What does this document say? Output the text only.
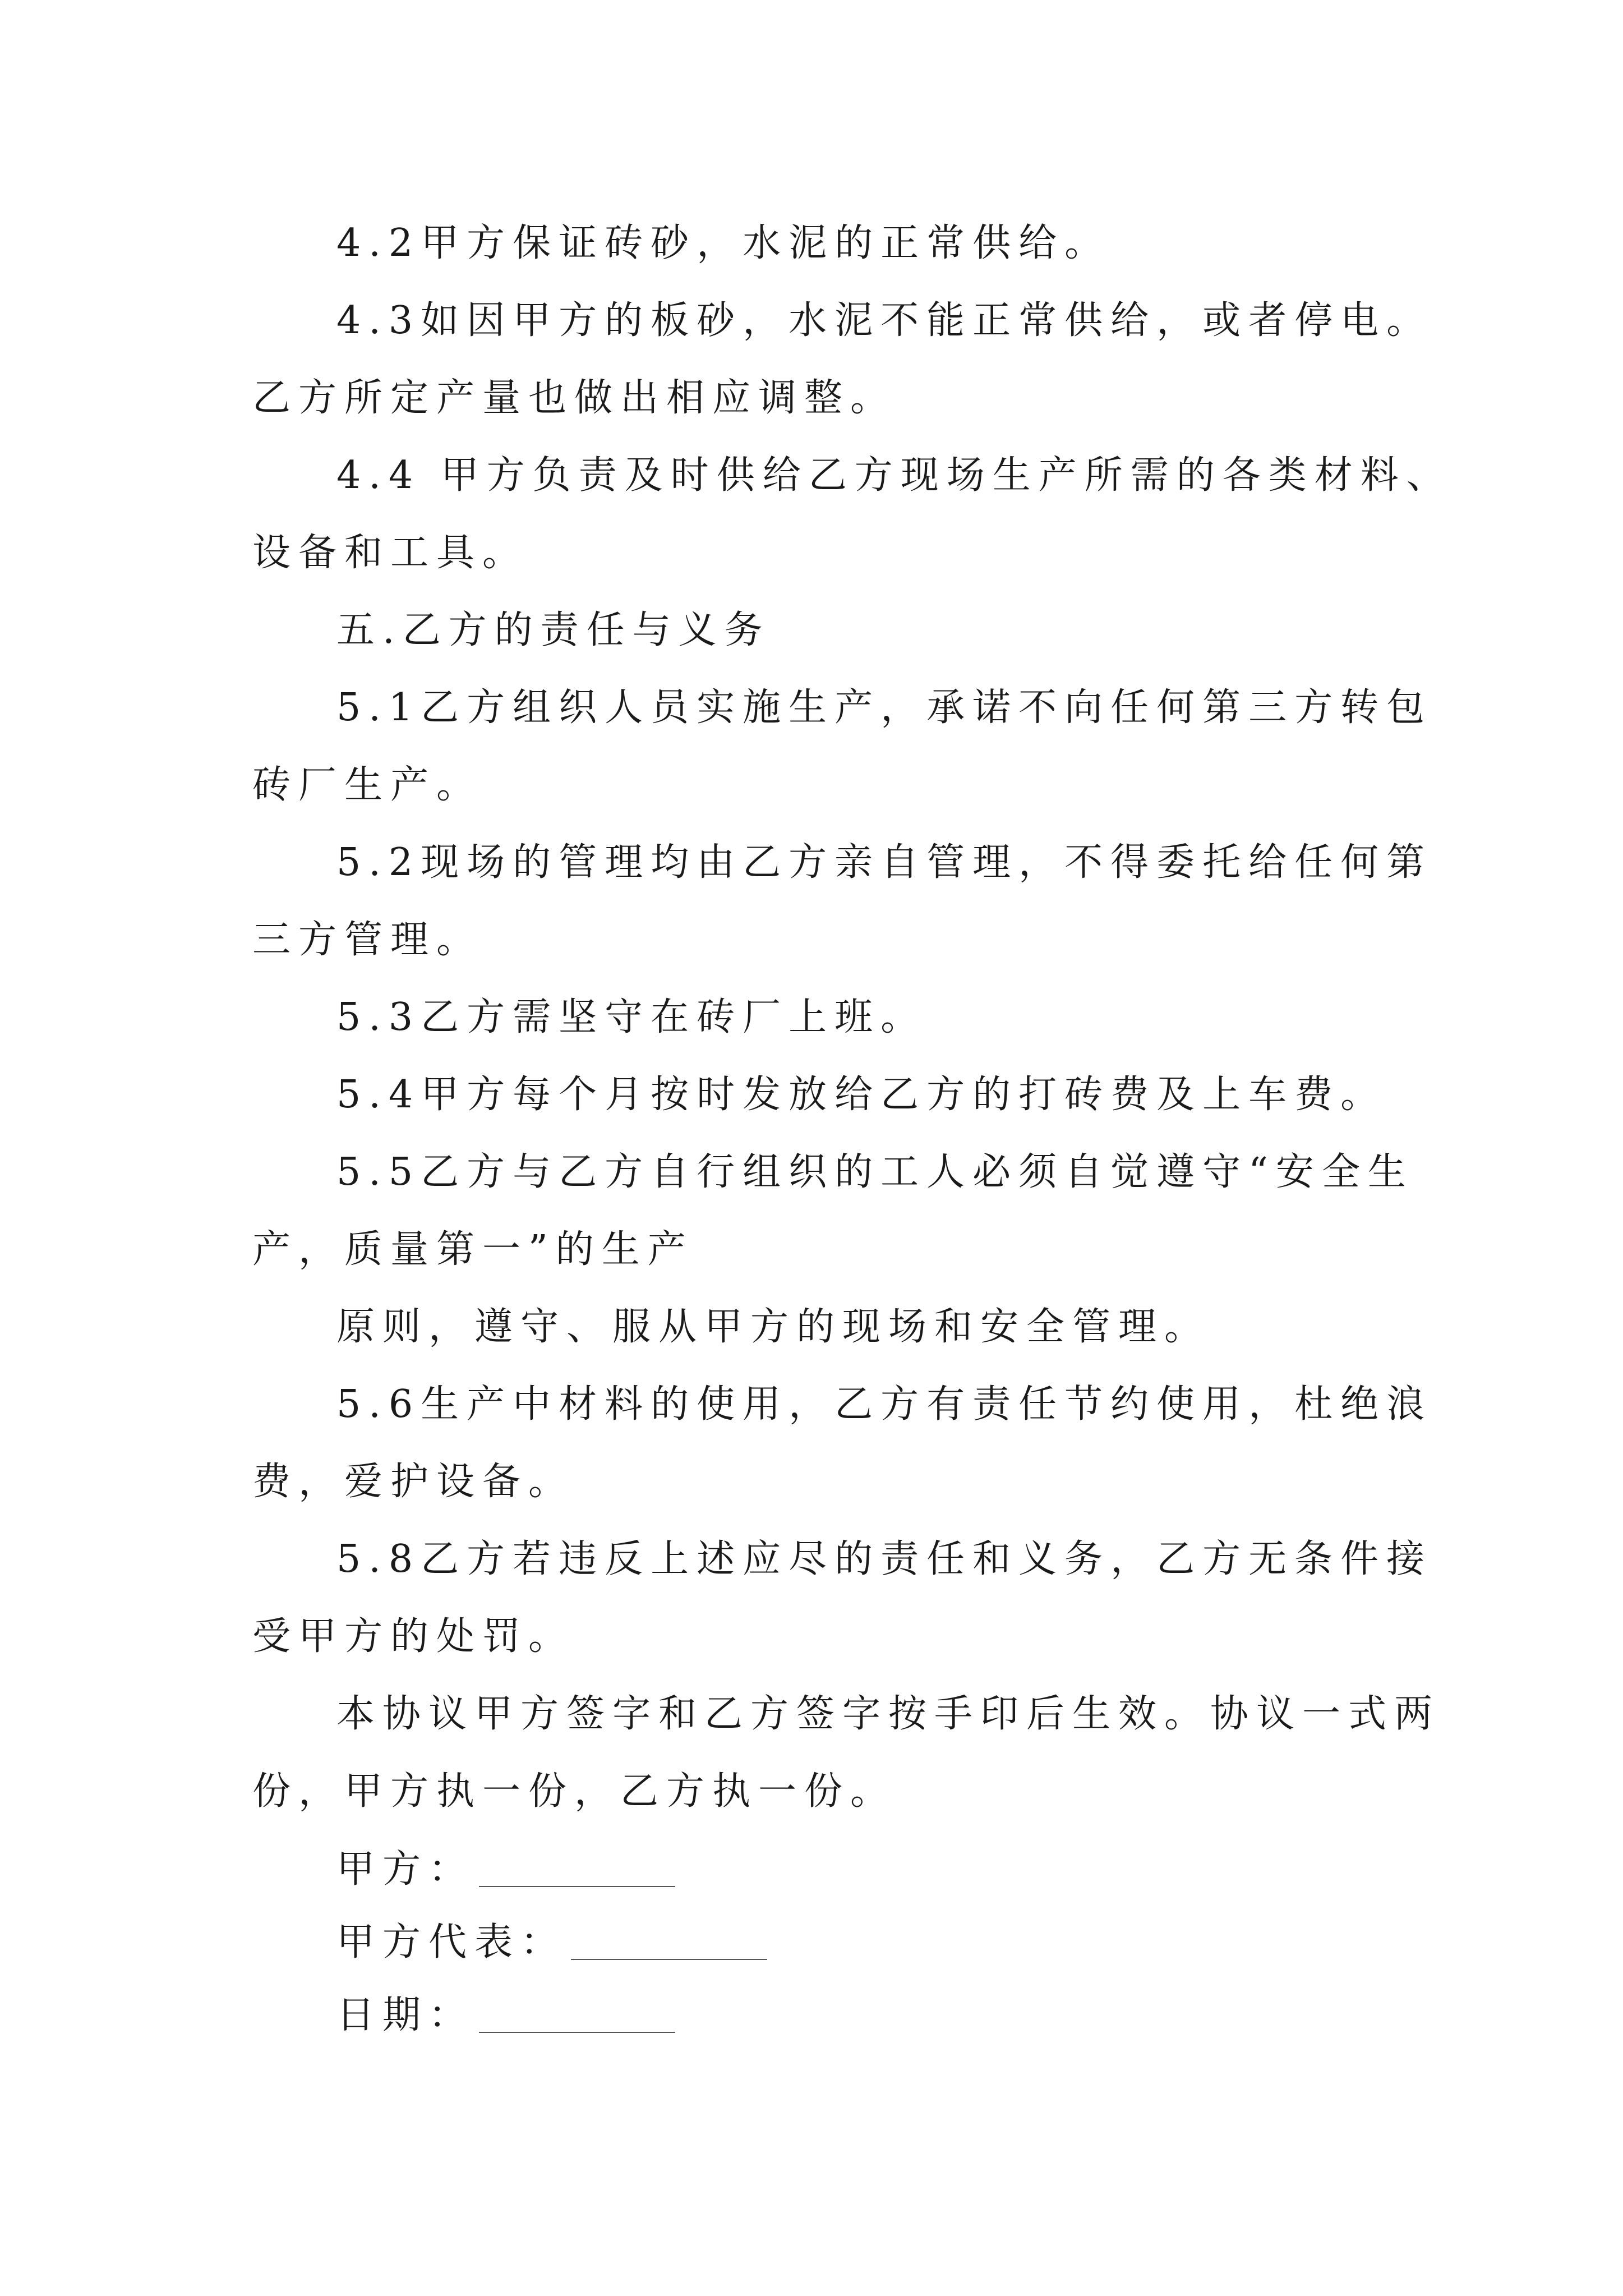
4.2甲方保证砖砂，水泥的正常供给。
4.3如因甲方的板砂，水泥不能正常供给，或者停电。
乙方所定产量也做出相应调整。
4.4 甲方负责及时供给乙方现场生产所需的各类材料、
设备和工具。
五.乙方的责任与义务
5.1乙方组织人员实施生产，承诺不向任何第三方转包
砖厂生产。
5.2现场的管理均由乙方亲自管理，不得委托给任何第
三方管理。
5.3乙方需坚守在砖厂上班。
5.4甲方每个月按时发放给乙方的打砖费及上车费。
5.5乙方与乙方自行组织的工人必须自觉遵守“安全生
产，质量第一”的生产
原则，遵守、服从甲方的现场和安全管理。
5.6生产中材料的使用，乙方有责任节约使用，杜绝浪
费，爱护设备。
5.8乙方若违反上述应尽的责任和义务，乙方无条件接
受甲方的处罚。
本协议甲方签字和乙方签字按手印后生效。协议一式两
份，甲方执一份，乙方执一份。
甲方：
甲方代表：
日期：
